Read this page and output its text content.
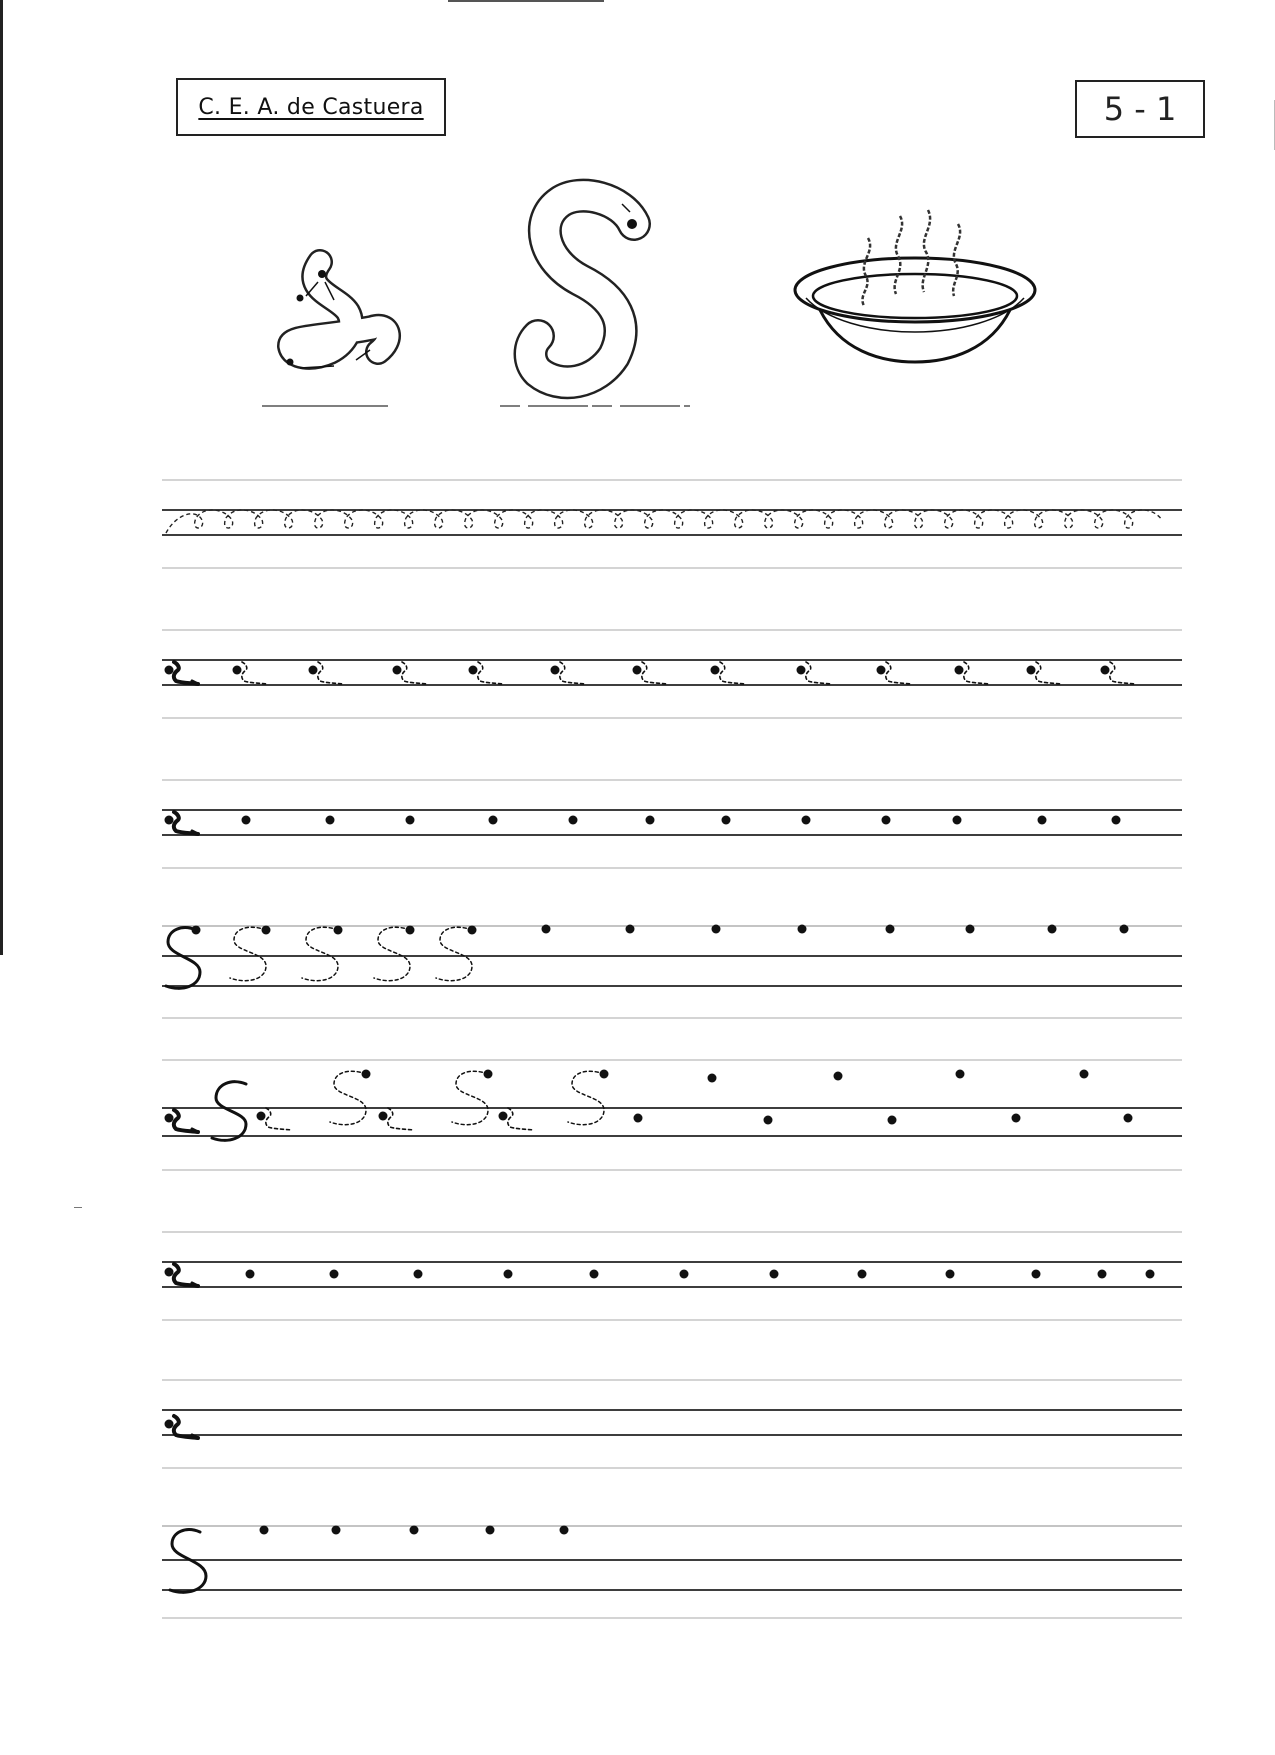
C. E. A. de Castuera	5 - 1
